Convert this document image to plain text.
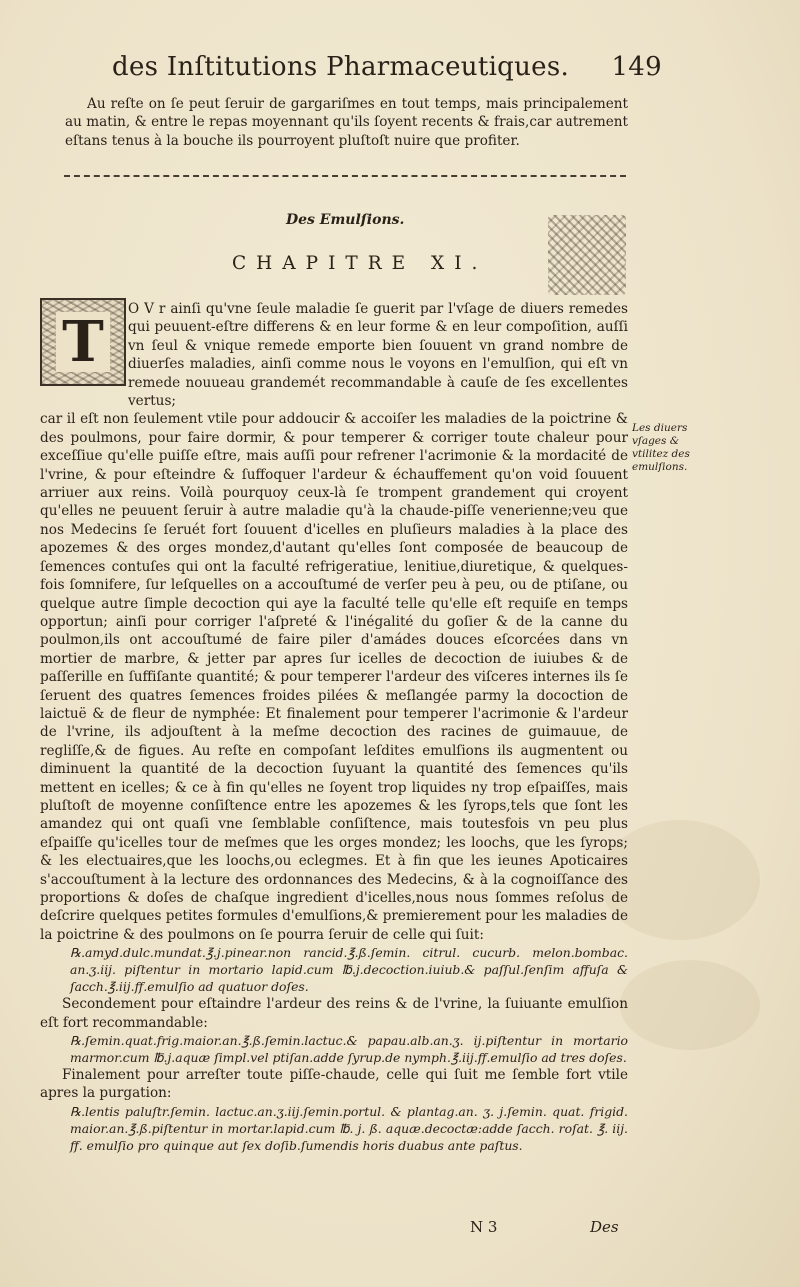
des Inſtitutions Pharmaceutiques. 149

Au reſte on ſe peut ſeruir de gargariſmes en tout temps, mais principalement au matin, & entre le repas moyennant qu'ils ſoyent recents & frais,car autrement eſtans tenus à la bouche ils pourroyent pluſtoſt nuire que profiter.

Des Emulſions.
CHAPITRE XI.
T	O V r ainſi qu'vne ſeule maladie ſe guerit par l'vſage de diuers remedes qui peuuent-eſtre differens & en leur forme & en leur compoſition, auſſi vn ſeul & vnique remede emporte bien ſouuent vn grand nombre de diuerſes maladies, ainſi comme nous le voyons en l'emulſion, qui eſt vn remede nouueau grandemét recommandable à cauſe de ſes excellentes vertus;

car il eſt non ſeulement vtile pour addoucir & accoiſer les maladies de la poictrine & des poulmons, pour faire dormir, & pour temperer & corriger toute chaleur pour exceſſiue qu'elle puiſſe eſtre, mais auſſi pour refrener l'acrimonie & la mordacité de l'vrine, & pour eſteindre & ſuffoquer l'ardeur & échauffement qu'on void ſouuent arriuer aux reins. Voilà pourquoy ceux-là ſe trompent grandement qui croyent qu'elles ne peuuent ſeruir à autre maladie qu'à la chaude-piſſe venerienne;veu que nos Medecins ſe ſeruét fort ſouuent d'icelles en pluſieurs maladies à la place des apozemes & des orges mondez,d'autant qu'elles ſont composée de beaucoup de ſemences contuſes qui ont la faculté refrigeratiue, lenitiue,diuretique, & quelques-fois ſomnifere, ſur leſquelles on a accouſtumé de verſer peu à peu, ou de ptiſane, ou quelque autre ſimple decoction qui aye la faculté telle qu'elle eſt requiſe en temps opportun; ainſi pour corriger l'aſpreté & l'inégalité du goſier & de la canne du poulmon,ils ont accouſtumé de faire piler d'amádes douces eſcorcées dans vn mortier de marbre, & jetter par apres ſur icelles de decoction de iuiubes & de paſſerille en ſuffiſante quantité; & pour temperer l'ardeur des viſceres internes ils ſe ſeruent des quatres ſemences froides pilées & meſlangée parmy la docoction de laictuë & de fleur de nymphée: Et finalement pour temperer l'acrimonie & l'ardeur de l'vrine, ils adjouſtent à la meſme decoction des racines de guimauue, de regliſſe,& de figues. Au reſte en compoſant leſdites emulſions ils augmentent ou diminuent la quantité de la decoction ſuyuant la quantité des ſemences qu'ils mettent en icelles; & ce à fin qu'elles ne ſoyent trop liquides ny trop eſpaiſſes, mais pluſtoſt de moyenne conſiſtence entre les apozemes & les ſyrops,tels que ſont les amandez qui ont quaſi vne ſemblable conſiſtence, mais toutesfois vn peu plus eſpaiſſe qu'icelles tour de meſmes que les orges mondez; les loochs, que les ſyrops; & les electuaires,que les loochs,ou eclegmes. Et à fin que les ieunes Apoticaires s'accouſtument à la lecture des ordonnances des Medecins, & à la cognoiſſance des proportions & doſes de chaſque ingredient d'icelles,nous nous ſommes reſolus de deſcrire quelques petites formules d'emulſions,& premierement pour les maladies de la poictrine & des poulmons on ſe pourra ſeruir de celle qui ſuit:

℞.amyd.dulc.mundat.℥.j.pinear.non rancid.℥.ß.ſemin. citrul. cucurb. melon.bombac. an.ʒ.iij. piſtentur in mortario lapid.cum ℔.j.decoction.iuiub.& paſſul.ſenſim affuſa & ſacch.℥.iij.ff.emulſio ad quatuor doſes.

Secondement pour eſtaindre l'ardeur des reins & de l'vrine, la ſuiuante emulſion eſt fort recommandable:

℞.ſemin.quat.frig.maior.an.℥.ß.ſemin.lactuc.& papau.alb.an.ʒ. ij.piſtentur in mortario marmor.cum ℔.j.aquæ ſimpl.vel ptiſan.adde ſyrup.de nymph.℥.iij.ff.emulſio ad tres doſes.

Finalement pour arreſter toute piſſe-chaude, celle qui ſuit me ſemble fort vtile apres la purgation:

℞.lentis paluſtr.ſemin. lactuc.an.ʒ.iij.ſemin.portul. & plantag.an. ʒ. j.ſemin. quat. frigid. maior.an.℥.ß.piſtentur in mortar.lapid.cum ℔. j. ß. aquæ.decoctæ:adde ſacch. roſat. ℥. iij. ff. emulſio pro quinque aut ſex doſib.ſumendis horis duabus ante paſtus.

Les diuers vſages & vtilitez des emulſions.
N 3	Des
